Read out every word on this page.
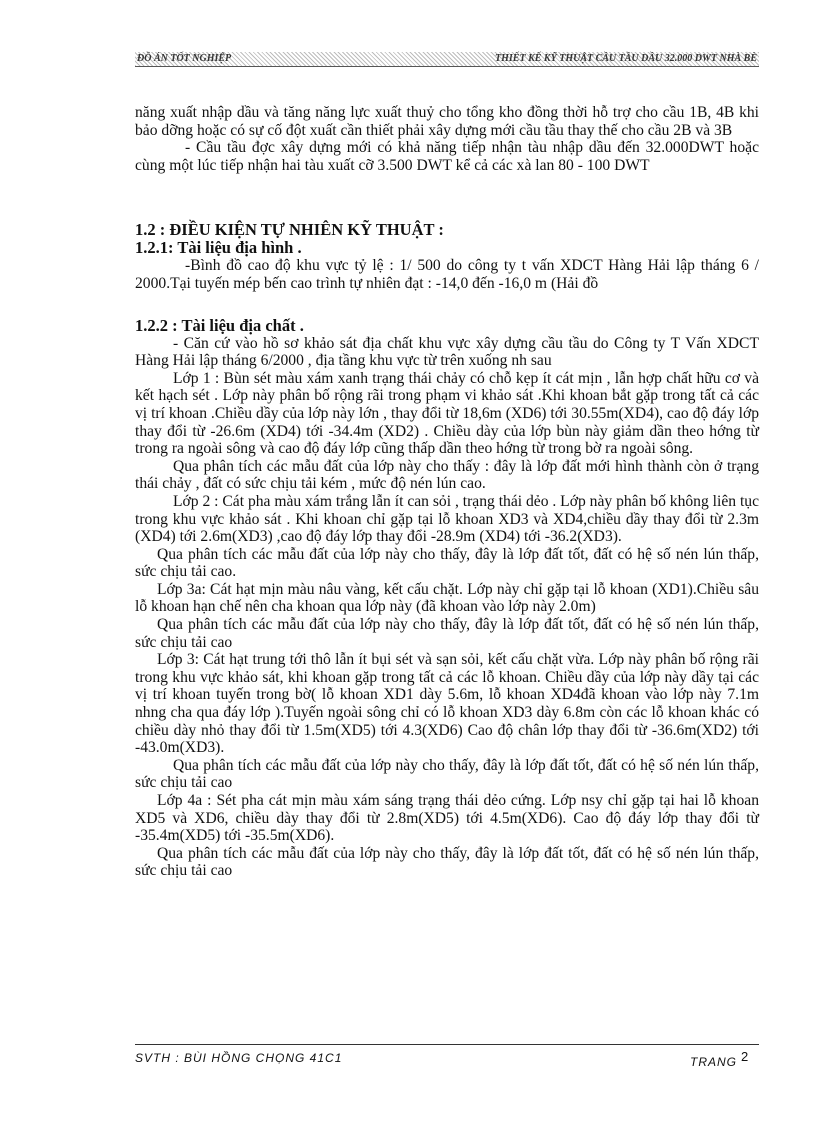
ĐỒ ÁN TỐT NGHIỆP	THIẾT KẾ KỸ THUẬT CẦU TẦU DẦU 32.000 DWT NHÀ BÈ

năng xuất nhập dầu và tăng năng lực xuất thuỷ cho tổng kho đồng thời hỗ trợ cho cầu 1B, 4B khi bảo dỡng hoặc có sự cố đột xuất cần thiết phải xây dựng mới cầu tầu thay thế cho cầu 2B và 3B

- Cầu tầu đợc xây dựng mới có khả năng tiếp nhận tàu nhập dầu đến 32.000DWT hoặc cùng một lúc tiếp nhận hai tàu xuất cỡ 3.500 DWT kể cả các xà lan 80 - 100 DWT

1.2 : ĐIỀU KIỆN TỰ NHIÊN KỸ THUẬT :
1.2.1: Tài liệu địa hình .

-Bình đồ cao độ khu vực tỷ lệ : 1/ 500 do công ty t vấn XDCT Hàng Hải lập tháng 6 / 2000.Tại tuyến mép bến cao trình tự nhiên đạt : -14,0 đến -16,0 m (Hải đồ

1.2.2 : Tài liệu địa chất .

- Căn cứ vào hồ sơ khảo sát địa chất khu vực xây dựng cầu tầu do Công ty T Vấn XDCT Hàng Hải lập tháng 6/2000 , địa tầng khu vực từ trên xuống nh sau

Lớp 1 : Bùn sét màu xám xanh trạng thái chảy có chỗ kẹp ít cát mịn , lẫn hợp chất hữu cơ và kết hạch sét . Lớp này phân bố rộng rãi trong phạm vi khảo sát .Khi khoan bắt gặp trong tất cả các vị trí khoan .Chiều dầy của lớp này lớn , thay đổi từ 18,6m (XD6) tới 30.55m(XD4), cao độ đáy lớp thay đổi từ -26.6m (XD4) tới -34.4m (XD2) . Chiều dày của lớp bùn này giảm dần theo hớng từ trong ra ngoài sông và cao độ đáy lớp cũng thấp dần theo hớng từ trong bờ ra ngoài sông.

Qua phân tích các mẫu đất của lớp này cho thấy : đây là lớp đất mới hình thành còn ở trạng thái chảy , đất có sức chịu tải kém , mức độ nén lún cao.

Lớp 2 : Cát pha màu xám trắng lẫn ít can sỏi , trạng thái dẻo . Lớp này phân bố không liên tục trong khu vực khảo sát . Khi khoan chỉ gặp tại lỗ khoan XD3 và XD4,chiều dầy thay đổi từ 2.3m (XD4) tới 2.6m(XD3) ,cao độ đáy lớp thay đổi -28.9m (XD4) tới -36.2(XD3).

Qua phân tích các mẫu đất của lớp này cho thấy, đây là lớp đất tốt, đất có hệ số nén lún thấp, sức chịu tải cao.

Lớp 3a: Cát hạt mịn màu nâu vàng, kết cấu chặt. Lớp này chỉ gặp tại lỗ khoan (XD1).Chiều sâu lỗ khoan hạn chế nên cha khoan qua lớp này (đã khoan vào lớp này 2.0m)

Qua phân tích các mẫu đất của lớp này cho thấy, đây là lớp đất tốt, đất có hệ số nén lún thấp, sức chịu tải cao

Lớp 3: Cát hạt trung tới thô lẫn ít bụi sét và sạn sỏi, kết cấu chặt vừa. Lớp này phân bố rộng rãi trong khu vực khảo sát, khi khoan gặp trong tất cả các lỗ khoan. Chiều dầy của lớp này dầy tại các vị trí khoan tuyến trong bờ( lỗ khoan XD1 dày 5.6m, lỗ khoan XD4đã khoan vào lớp này 7.1m nhng cha qua đáy lớp ).Tuyến ngoài sông chỉ có lỗ khoan XD3 dày 6.8m còn các lỗ khoan khác có chiều dày nhỏ thay đổi từ 1.5m(XD5) tới 4.3(XD6) Cao độ chân lớp thay đổi từ -36.6m(XD2) tới -43.0m(XD3).

Qua phân tích các mẫu đất của lớp này cho thấy, đây là lớp đất tốt, đất có hệ số nén lún thấp, sức chịu tải cao

Lớp 4a : Sét pha cát mịn màu xám sáng trạng thái dẻo cứng. Lớp nsy chỉ gặp tại hai lỗ khoan XD5 và XD6, chiều dày thay đổi từ 2.8m(XD5) tới 4.5m(XD6). Cao độ đáy lớp thay đổi từ -35.4m(XD5) tới -35.5m(XD6).

Qua phân tích các mẫu đất của lớp này cho thấy, đây là lớp đất tốt, đất có hệ số nén lún thấp, sức chịu tải cao

SVTH : BÙI HỒNG CHỌNG 41C1	TRANG $^2$
